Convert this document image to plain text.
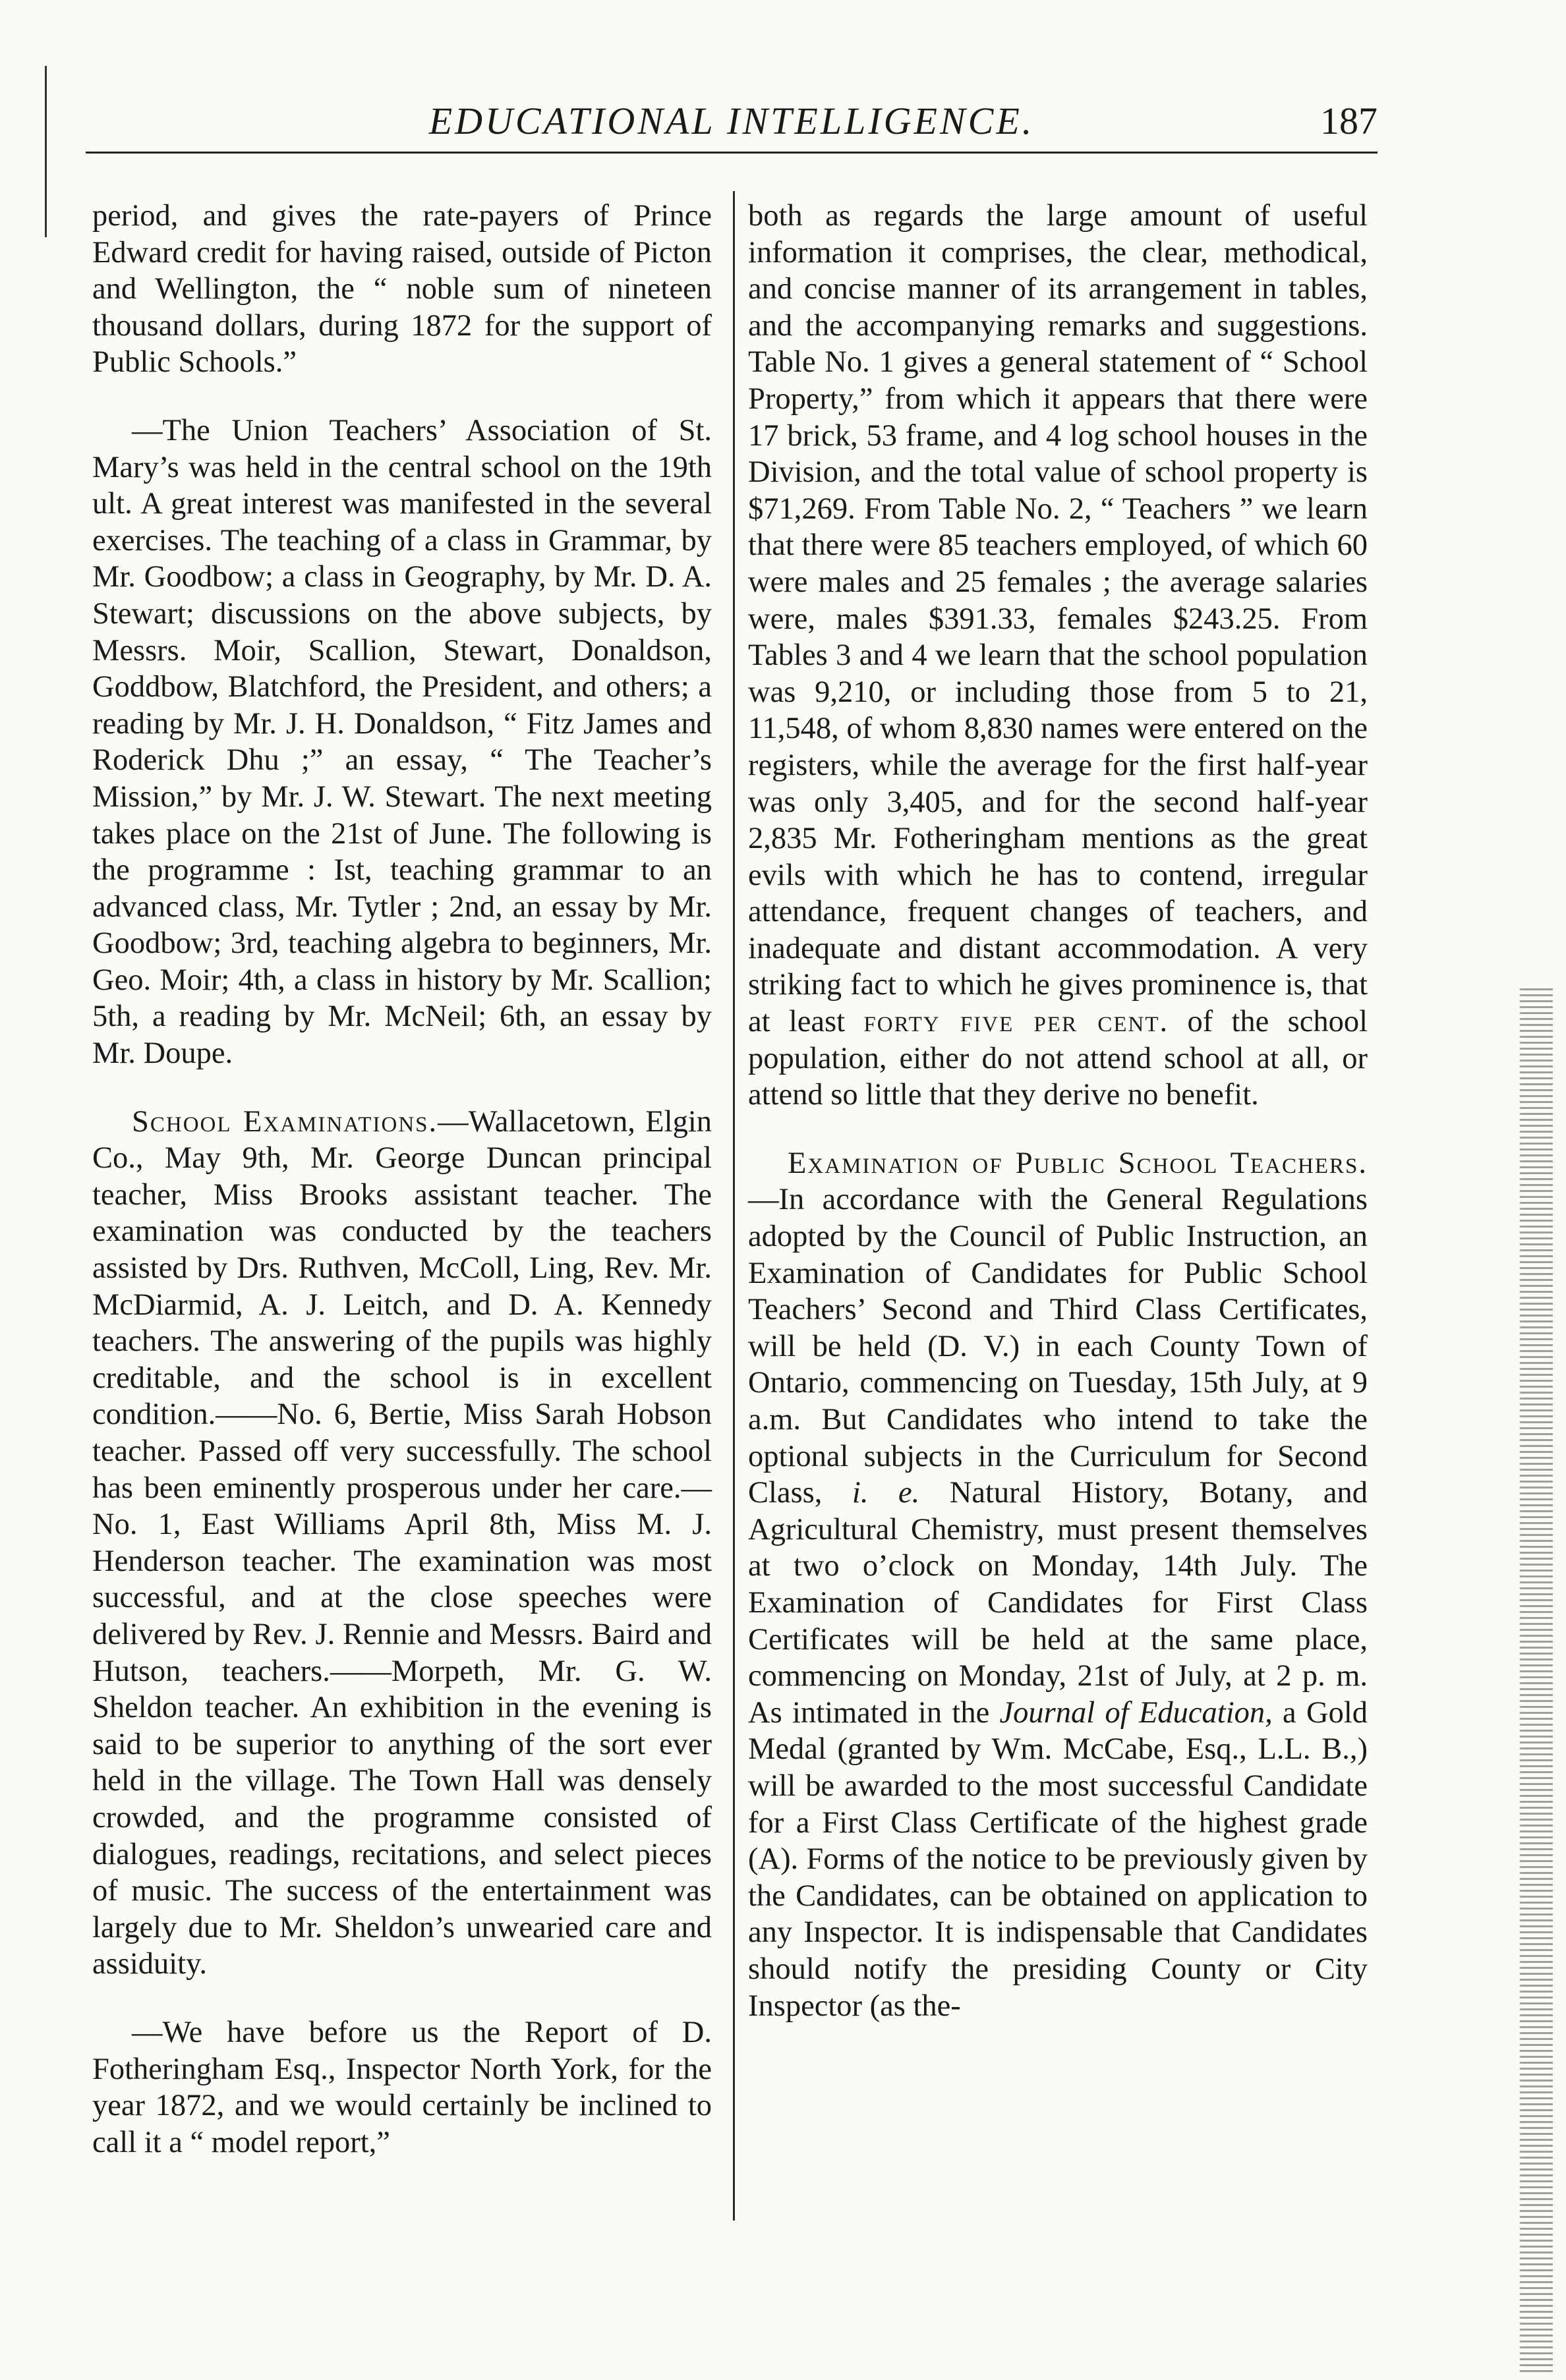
EDUCATIONAL INTELLIGENCE.	187

period, and gives the rate-payers of Prince Edward credit for having raised, outside of Picton and Wellington, the “ noble sum of nineteen thousand dollars, during 1872 for the support of Public Schools.”

—The Union Teachers’ Association of St. Mary’s was held in the central school on the 19th ult. A great interest was manifested in the several exercises. The teaching of a class in Grammar, by Mr. Goodbow; a class in Geography, by Mr. D. A. Stewart; discussions on the above subjects, by Messrs. Moir, Scallion, Stewart, Donaldson, Goddbow, Blatchford, the President, and others; a reading by Mr. J. H. Donaldson, “ Fitz James and Roderick Dhu ;” an essay, “ The Teacher’s Mission,” by Mr. J. W. Stewart. The next meeting takes place on the 21st of June. The following is the programme : Ist, teaching grammar to an advanced class, Mr. Tytler ; 2nd, an essay by Mr. Goodbow; 3rd, teaching algebra to beginners, Mr. Geo. Moir; 4th, a class in history by Mr. Scallion; 5th, a reading by Mr. McNeil; 6th, an essay by Mr. Doupe.

School Examinations.—Wallacetown, Elgin Co., May 9th, Mr. George Duncan principal teacher, Miss Brooks assistant teacher. The examination was conducted by the teachers assisted by Drs. Ruthven, McColl, Ling, Rev. Mr. McDiarmid, A. J. Leitch, and D. A. Kennedy teachers. The answering of the pupils was highly creditable, and the school is in excellent condition.——No. 6, Bertie, Miss Sarah Hobson teacher. Passed off very successfully. The school has been eminently prosperous under her care.—No. 1, East Williams April 8th, Miss M. J. Henderson teacher. The examination was most successful, and at the close speeches were delivered by Rev. J. Rennie and Messrs. Baird and Hutson, teachers.——Morpeth, Mr. G. W. Sheldon teacher. An exhibition in the evening is said to be superior to anything of the sort ever held in the village. The Town Hall was densely crowded, and the programme consisted of dialogues, readings, recitations, and select pieces of music. The success of the entertainment was largely due to Mr. Sheldon’s unwearied care and assiduity.

—We have before us the Report of D. Fotheringham Esq., Inspector North York, for the year 1872, and we would certainly be inclined to call it a “ model report,”

both as regards the large amount of useful information it comprises, the clear, methodical, and concise manner of its arrangement in tables, and the accompanying remarks and suggestions. Table No. 1 gives a general statement of “ School Property,” from which it appears that there were 17 brick, 53 frame, and 4 log school houses in the Division, and the total value of school property is $71,269. From Table No. 2, “ Teachers ” we learn that there were 85 teachers employed, of which 60 were males and 25 females ; the average salaries were, males $391.33, females $243.25. From Tables 3 and 4 we learn that the school population was 9,210, or including those from 5 to 21, 11,548, of whom 8,830 names were entered on the registers, while the average for the first half-year was only 3,405, and for the second half-year 2,835 Mr. Fotheringham mentions as the great evils with which he has to contend, irregular attendance, frequent changes of teachers, and inadequate and distant accommodation. A very striking fact to which he gives prominence is, that at least forty five per cent. of the school population, either do not attend school at all, or attend so little that they derive no benefit.

Examination of Public School Teachers.—In accordance with the General Regulations adopted by the Council of Public Instruction, an Examination of Candidates for Public School Teachers’ Second and Third Class Certificates, will be held (D. V.) in each County Town of Ontario, commencing on Tuesday, 15th July, at 9 a.m. But Candidates who intend to take the optional subjects in the Curriculum for Second Class, i. e. Natural History, Botany, and Agricultural Chemistry, must present themselves at two o’clock on Monday, 14th July. The Examination of Candidates for First Class Certificates will be held at the same place, commencing on Monday, 21st of July, at 2 p. m. As intimated in the Journal of Education, a Gold Medal (granted by Wm. McCabe, Esq., L.L. B.,) will be awarded to the most successful Candidate for a First Class Certificate of the highest grade (A). Forms of the notice to be previously given by the Candidates, can be obtained on application to any Inspector. It is indispensable that Candidates should notify the presiding County or City Inspector (as the-
